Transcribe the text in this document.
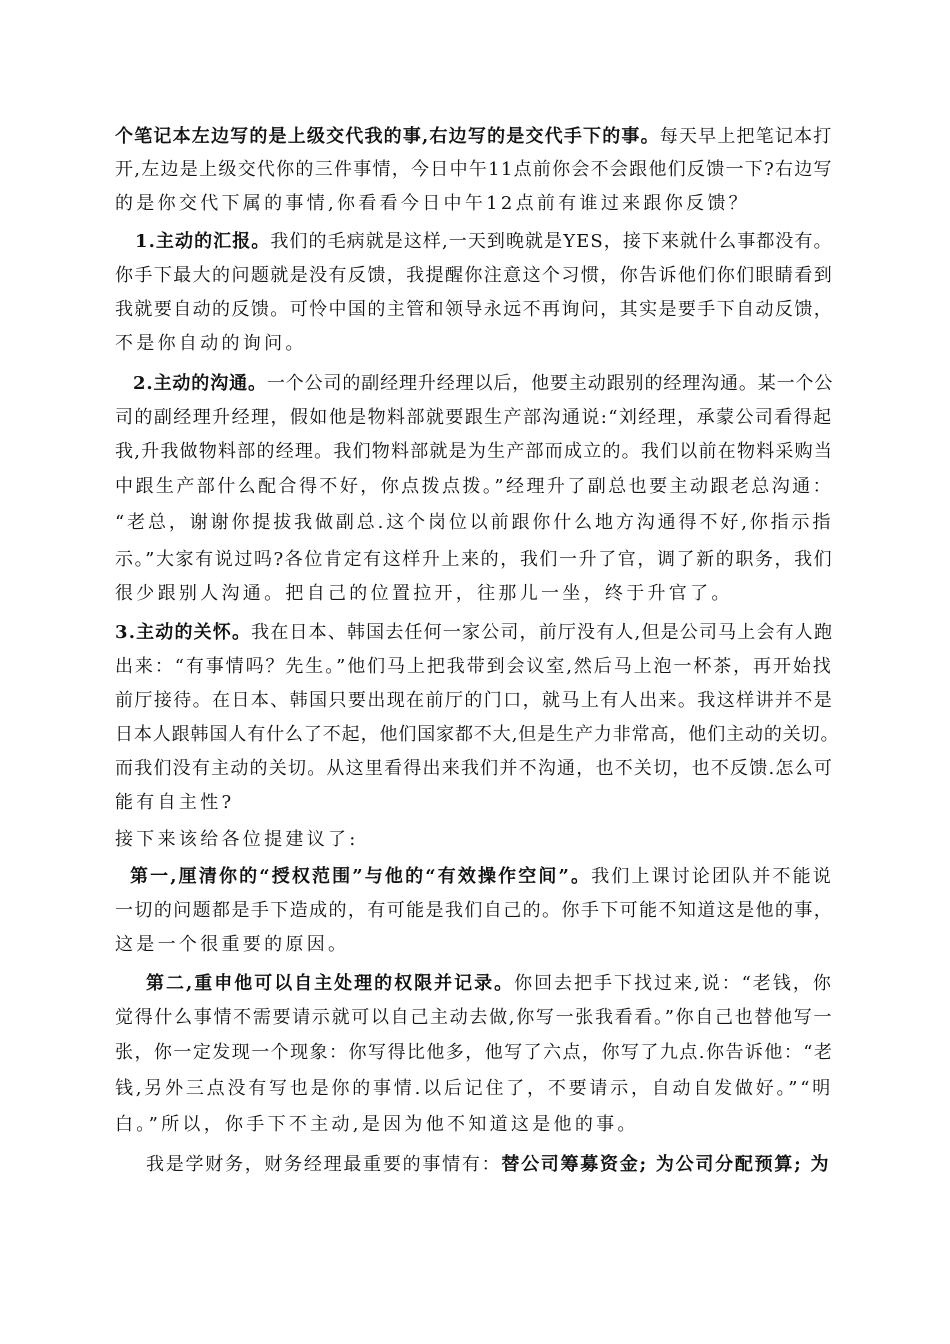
个笔记本左边写的是上级交代我的事,右边写的是交代手下的事。每天早上把笔记本打
开,左边是上级交代你的三件事情，今日中午11点前你会不会跟他们反馈一下?右边写
的是你交代下属的事情,你看看今日中午12点前有谁过来跟你反馈？
1.主动的汇报。我们的毛病就是这样,一天到晚就是YES，接下来就什么事都没有。
你手下最大的问题就是没有反馈，我提醒你注意这个习惯，你告诉他们你们眼睛看到
我就要自动的反馈。可怜中国的主管和领导永远不再询问，其实是要手下自动反馈，
不是你自动的询问。
2.主动的沟通。一个公司的副经理升经理以后，他要主动跟别的经理沟通。某一个公
司的副经理升经理，假如他是物料部就要跟生产部沟通说:“刘经理，承蒙公司看得起
我,升我做物料部的经理。我们物料部就是为生产部而成立的。我们以前在物料采购当
中跟生产部什么配合得不好，你点拨点拨。”经理升了副总也要主动跟老总沟通：
“老总，谢谢你提拔我做副总.这个岗位以前跟你什么地方沟通得不好,你指示指
示。”大家有说过吗?各位肯定有这样升上来的，我们一升了官，调了新的职务，我们
很少跟别人沟通。把自己的位置拉开，往那儿一坐，终于升官了。
3.主动的关怀。我在日本、韩国去任何一家公司，前厅没有人,但是公司马上会有人跑
出来：“有事情吗？先生。”他们马上把我带到会议室,然后马上泡一杯茶，再开始找
前厅接待。在日本、韩国只要出现在前厅的门口，就马上有人出来。我这样讲并不是
日本人跟韩国人有什么了不起，他们国家都不大,但是生产力非常高，他们主动的关切。
而我们没有主动的关切。从这里看得出来我们并不沟通，也不关切，也不反馈.怎么可
能有自主性?
接下来该给各位提建议了:
第一,厘清你的“授权范围”与他的“有效操作空间”。我们上课讨论团队并不能说
一切的问题都是手下造成的，有可能是我们自己的。你手下可能不知道这是他的事，
这是一个很重要的原因。
第二,重申他可以自主处理的权限并记录。你回去把手下找过来,说：“老钱，你
觉得什么事情不需要请示就可以自己主动去做,你写一张我看看。”你自己也替他写一
张，你一定发现一个现象：你写得比他多，他写了六点，你写了九点.你告诉他：“老
钱,另外三点没有写也是你的事情.以后记住了，不要请示，自动自发做好。”“明
白。”所以，你手下不主动,是因为他不知道这是他的事。
我是学财务，财务经理最重要的事情有：替公司筹募资金; 为公司分配预算; 为
